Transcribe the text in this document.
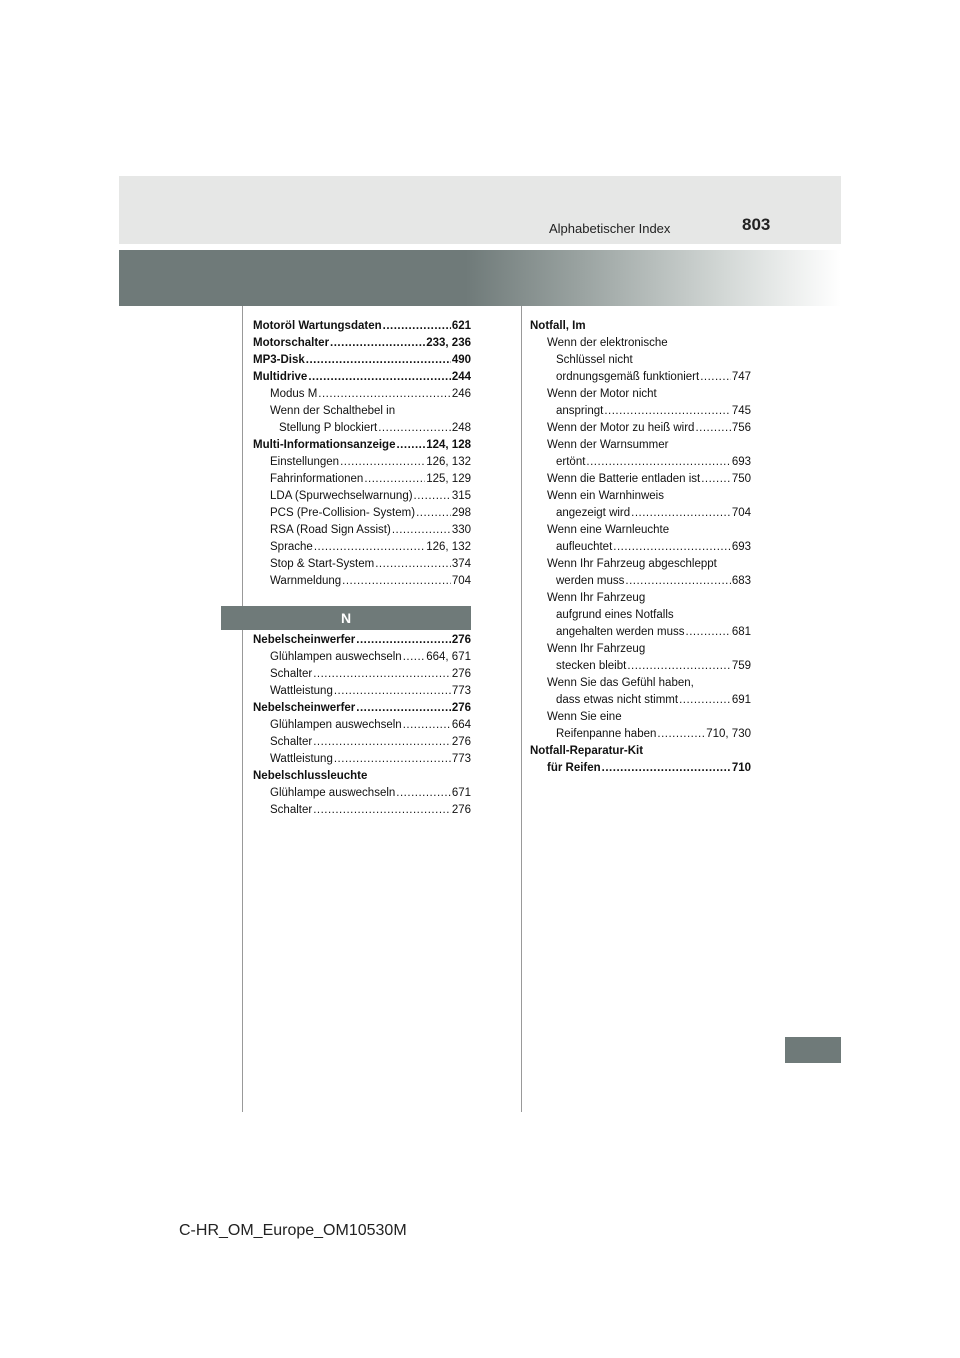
Alphabetischer Index	803
Motoröl Wartungsdaten .....	621
Motorschalter .....	233, 236
MP3-Disk .....	490
Multidrive .....	244
Modus M .....	246
Wenn der Schalthebel in
Stellung P blockiert .....	248
Multi-Informationsanzeige .....	124, 128
Einstellungen .....	126, 132
Fahrinformationen .....	125, 129
LDA (Spurwechselwarnung) .....	315
PCS (Pre-Collision- System) .....	298
RSA (Road Sign Assist) .....	330
Sprache .....	126, 132
Stop & Start-System .....	374
Warnmeldung .....	704
N
Nebelscheinwerfer .....	276
Glühlampen auswechseln ..... 664, 671
Schalter .....	276
Wattleistung .....	773
Nebelscheinwerfer .....	276
Glühlampen auswechseln .....	664
Schalter .....	276
Wattleistung .....	773
Nebelschlussleuchte
Glühlampe auswechseln .....	671
Schalter .....	276
Notfall, Im
Wenn der elektronische
Schlüssel nicht
ordnungsgemäß funktioniert .....	747
Wenn der Motor nicht
anspringt .....	745
Wenn der Motor zu heiß wird .....	756
Wenn der Warnsummer
ertönt .....	693
Wenn die Batterie entladen ist .....	750
Wenn ein Warnhinweis
angezeigt wird .....	704
Wenn eine Warnleuchte
aufleuchtet .....	693
Wenn Ihr Fahrzeug abgeschleppt
werden muss .....	683
Wenn Ihr Fahrzeug
aufgrund eines Notfalls
angehalten werden muss .....	681
Wenn Ihr Fahrzeug
stecken bleibt .....	759
Wenn Sie das Gefühl haben,
dass etwas nicht stimmt .....	691
Wenn Sie eine
Reifenpanne haben .....	710, 730
Notfall-Reparatur-Kit
für Reifen .....	710
C-HR_OM_Europe_OM10530M
